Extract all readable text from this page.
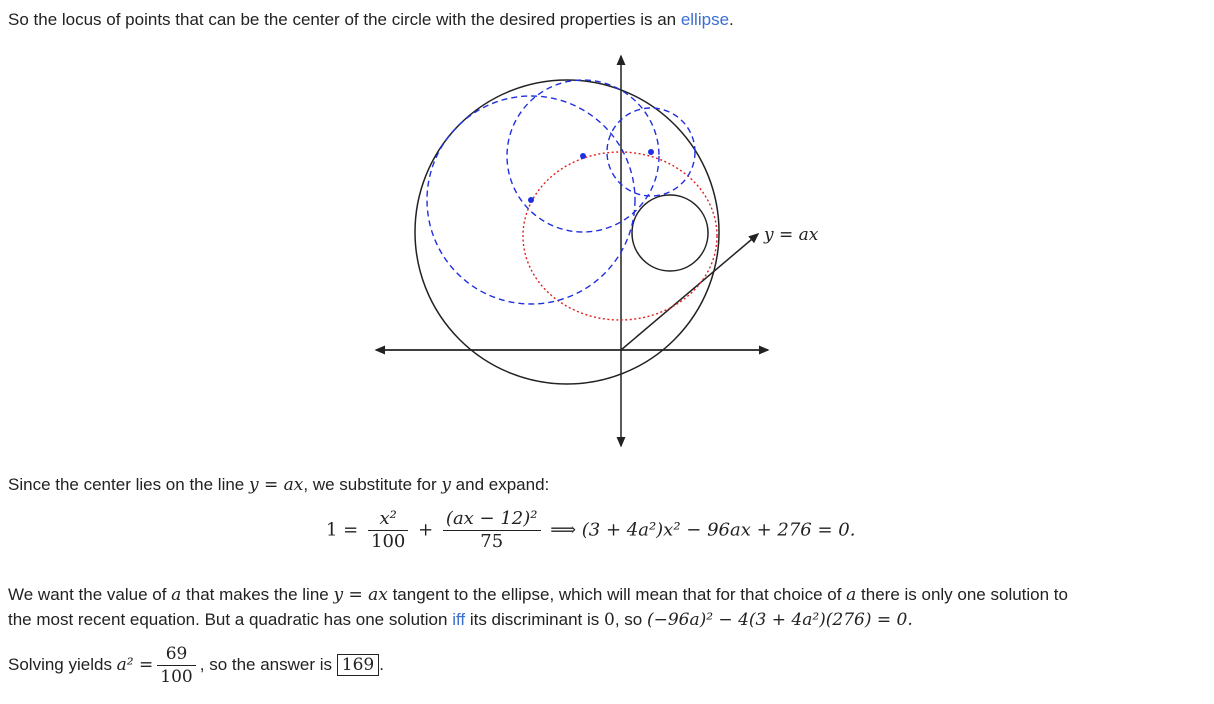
So the locus of points that can be the center of the circle with the desired properties is an ellipse.
y = ax
Since the center lies on the line y = ax, we substitute for y and expand:
$1 = \frac{\text{x²}}{100} + \frac{\text{(ax − 12)²}}{75}$ ⟹ (3 + 4a²)x² − 96ax + 276 = 0.
We want the value of a that makes the line y = ax tangent to the ellipse, which will mean that for that choice of a there is only one solution to
the most recent equation. But a quadratic has one solution iff its discriminant is 0, so (−96a)² − 4(3 + 4a²)(276) = 0.
Solving yields $a^2 = \frac{69}{100}$ , so the answer is 169 .
